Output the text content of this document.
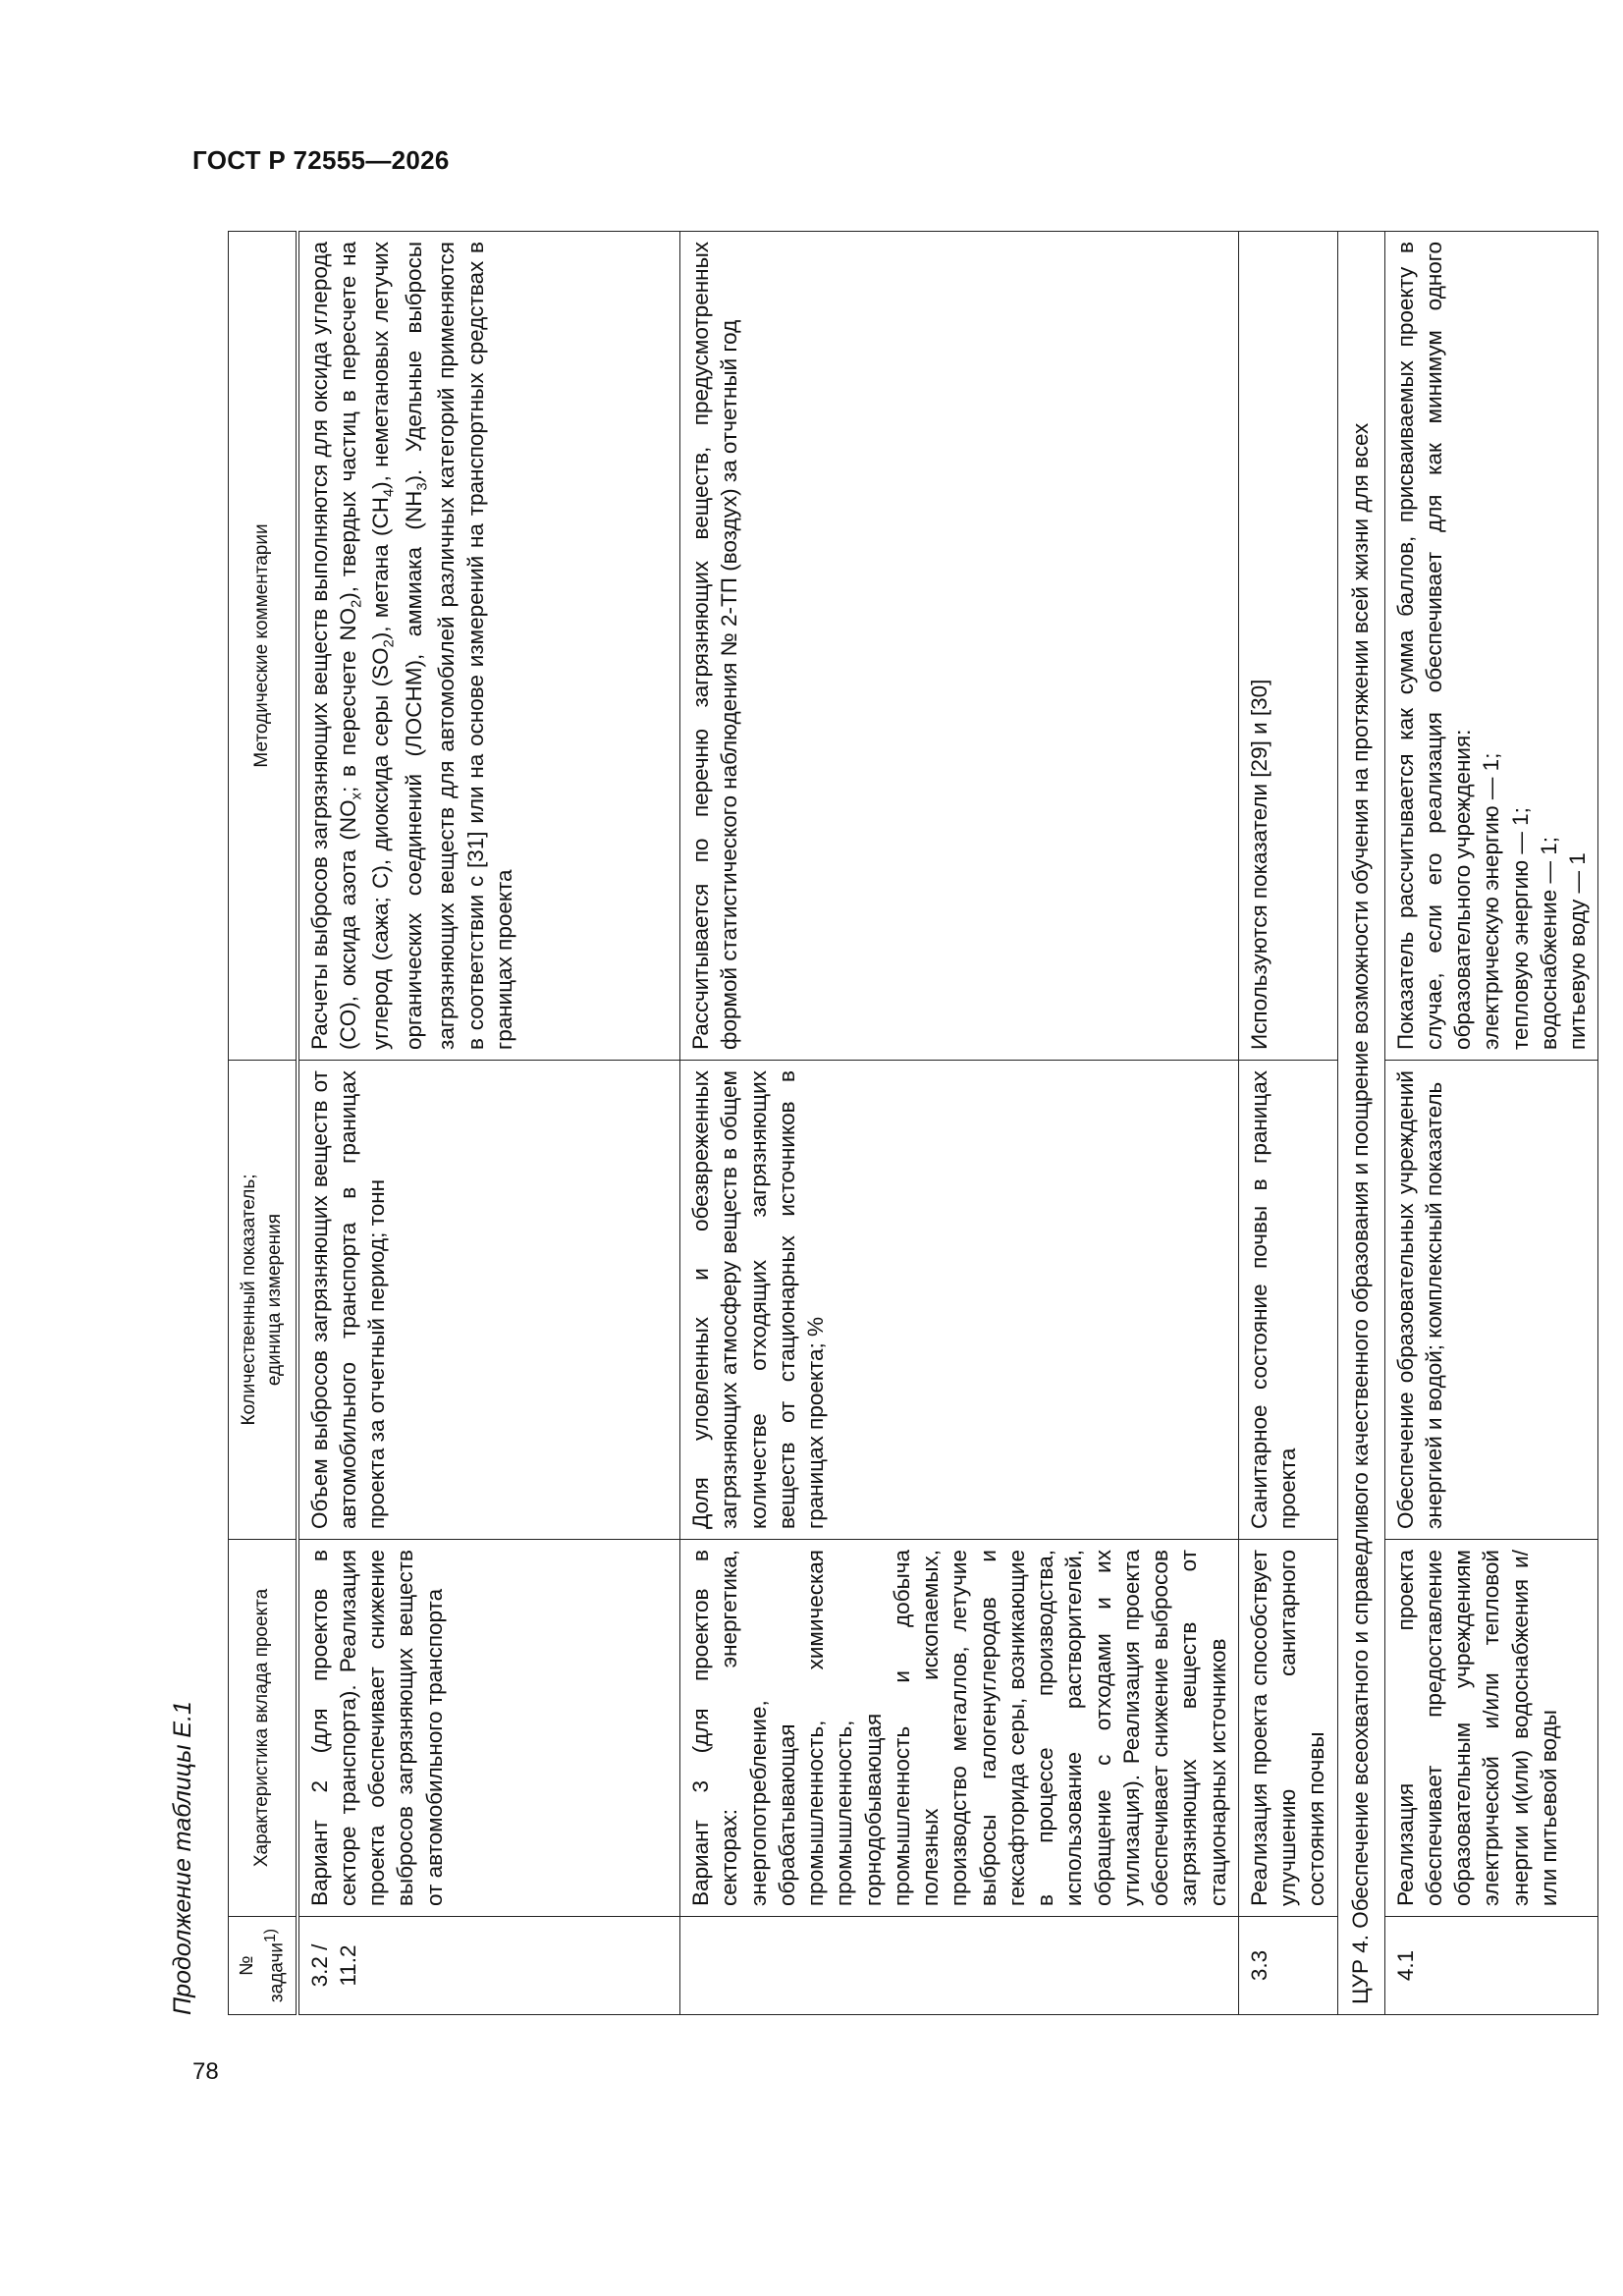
ГОСТ Р 72555—2026
78
Продолжение таблицы Е.1 № задачи$^{1)}$	Характеристика вклада проекта	Количественный показатель; единица измерения	Методические комментарии
3.2 / 11.2	Вариант 2 (для проектов в секторе транспорта). Реализация проекта обеспечивает снижение выбросов загрязняющих веществ от автомобильного транспорта	Объем выбросов загрязняющих веществ от автомобильного транспорта в границах проекта за отчетный период; тонн	Расчеты выбросов загрязняющих веществ выполняются для оксида углерода (CO), оксида азота ($NO_x$; в пересчете $NO_2$), твердых частиц в пересчете на углерод (сажа; C), диоксида серы $(SO_2)$, метана $(CH_4)$, неметановых летучих органических соединений (ЛОСНМ), аммиака $(NH_3)$. Удельные выбросы загрязняющих веществ для автомобилей различных категорий применяются в соответствии с [31] или на основе измерений на транспортных средствах в границах проекта
	Вариант 3 (для проектов в секторах: энергетика, энергопотребление, обрабатывающая промышленность, химическая промышленность, горнодобывающая промышленность и добыча полезных ископаемых, производство металлов, летучие выбросы галогенуглеродов и гексафторида серы, возникающие в процессе производства, использование растворителей, обращение с отходами и их утилизация). Реализация проекта обеспечивает снижение выбросов загрязняющих веществ от стационарных источников	Доля уловленных и обезвреженных загрязняющих атмосферу веществ в общем количестве отходящих загрязняющих веществ от стационарных источников в границах проекта; %	Рассчитывается по перечню загрязняющих веществ, предусмотренных формой статистического наблюдения № 2-ТП (воздух) за отчетный год
3.3	Реализация проекта способствует улучшению санитарного состояния почвы	Санитарное состояние почвы в границах проекта	Используются показатели [29] и [30]
ЦУР 4. Обеспечение всеохватного и справедливого качественного образования и поощрение возможности обучения на протяжении всей жизни для всех			
4.1	Реализация проекта обеспечивает предоставление образовательным учреждениям электрической и/или тепловой энергии и(или) водоснабжения и/или питьевой воды	Обеспечение образовательных учреждений энергией и водой; комплексный показатель	Показатель рассчитывается как сумма баллов, присваиваемых проекту в случае, если его реализация обеспечивает для как минимум одного образовательного учреждения: электрическую энергию — 1; тепловую энергию — 1; водоснабжение — 1; питьевую воду — 1
